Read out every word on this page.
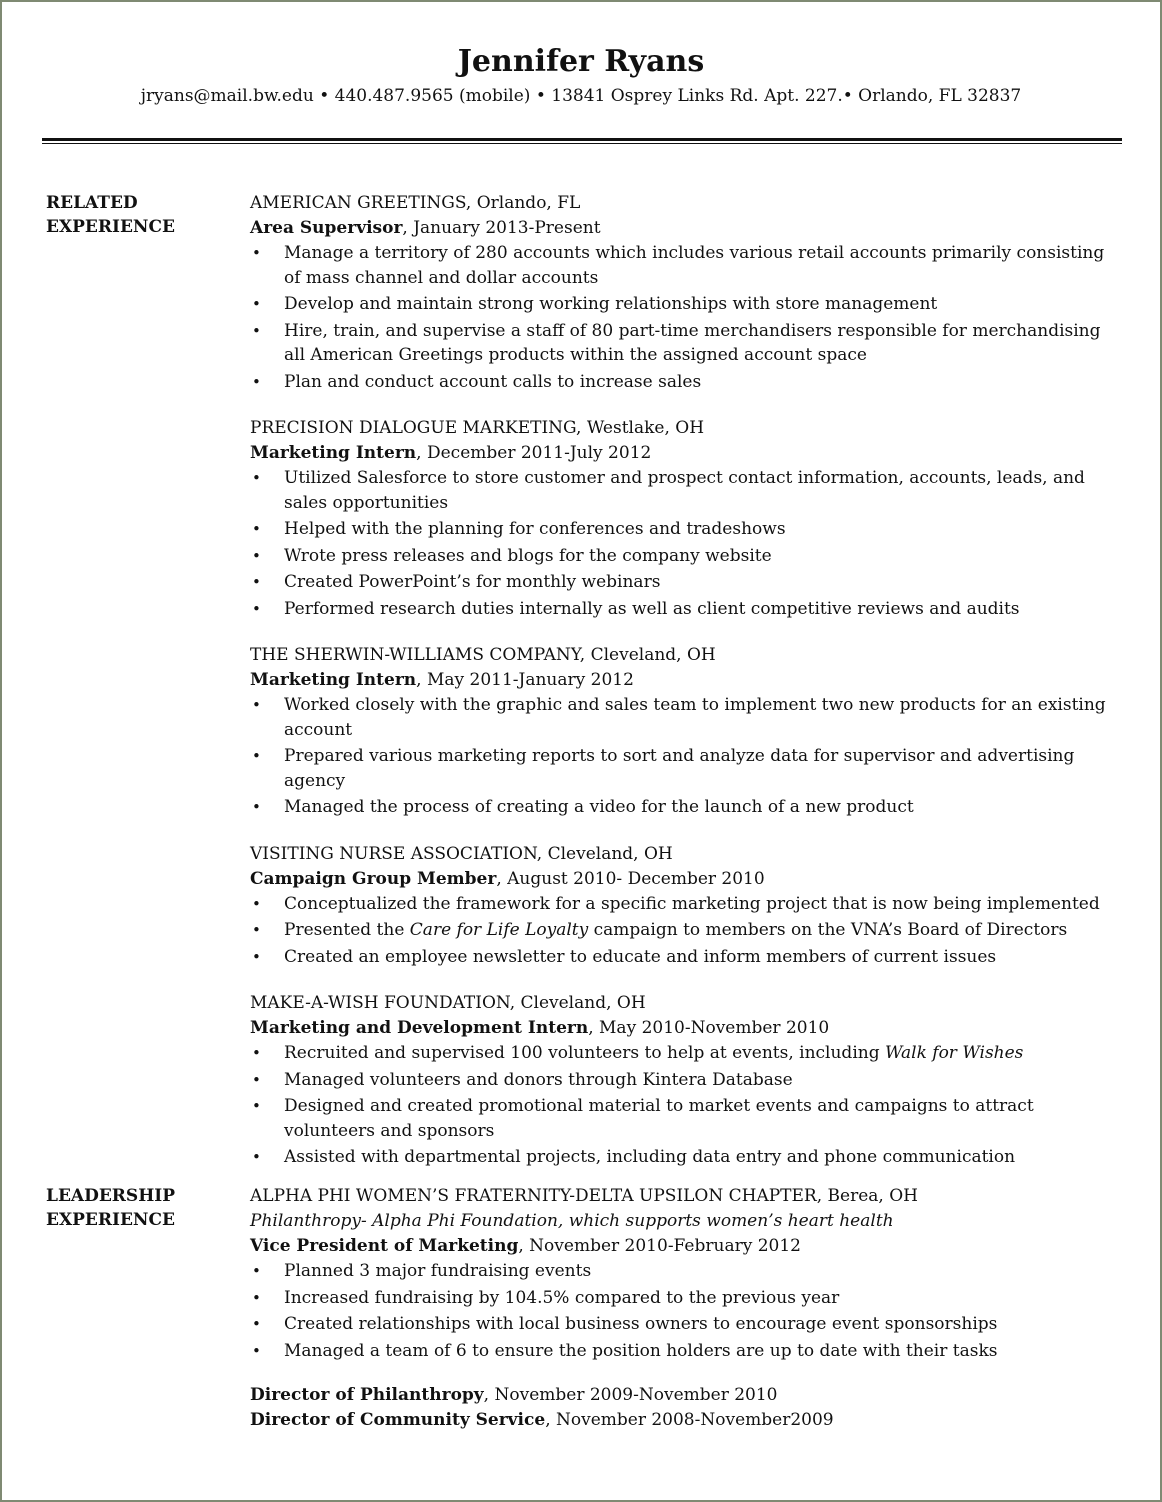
Jennifer Ryans
jryans@mail.bw.edu • 440.487.9565 (mobile) • 13841 Osprey Links Rd. Apt. 227.• Orlando, FL 32837
RELATED
EXPERIENCE
AMERICAN GREETINGS, Orlando, FL
Area Supervisor, January 2013-Present
• Manage a territory of 280 accounts which includes various retail accounts primarily consisting of mass channel and dollar accounts
• Develop and maintain strong working relationships with store management
• Hire, train, and supervise a staff of 80 part-time merchandisers responsible for merchandising all American Greetings products within the assigned account space
• Plan and conduct account calls to increase sales
PRECISION DIALOGUE MARKETING, Westlake, OH
Marketing Intern, December 2011-July 2012
• Utilized Salesforce to store customer and prospect contact information, accounts, leads, and sales opportunities
• Helped with the planning for conferences and tradeshows
• Wrote press releases and blogs for the company website
• Created PowerPoint’s for monthly webinars
• Performed research duties internally as well as client competitive reviews and audits
THE SHERWIN-WILLIAMS COMPANY, Cleveland, OH
Marketing Intern, May 2011-January 2012
• Worked closely with the graphic and sales team to implement two new products for an existing account
• Prepared various marketing reports to sort and analyze data for supervisor and advertising agency
• Managed the process of creating a video for the launch of a new product
VISITING NURSE ASSOCIATION, Cleveland, OH
Campaign Group Member, August 2010- December 2010
• Conceptualized the framework for a specific marketing project that is now being implemented
• Presented the Care for Life Loyalty campaign to members on the VNA’s Board of Directors
• Created an employee newsletter to educate and inform members of current issues
MAKE-A-WISH FOUNDATION, Cleveland, OH
Marketing and Development Intern, May 2010-November 2010
• Recruited and supervised 100 volunteers to help at events, including Walk for Wishes
• Managed volunteers and donors through Kintera Database
• Designed and created promotional material to market events and campaigns to attract volunteers and sponsors
• Assisted with departmental projects, including data entry and phone communication
LEADERSHIP
EXPERIENCE
ALPHA PHI WOMEN’S FRATERNITY-DELTA UPSILON CHAPTER, Berea, OH
Philanthropy- Alpha Phi Foundation, which supports women’s heart health
Vice President of Marketing, November 2010-February 2012
• Planned 3 major fundraising events
• Increased fundraising by 104.5% compared to the previous year
• Created relationships with local business owners to encourage event sponsorships
• Managed a team of 6 to ensure the position holders are up to date with their tasks
Director of Philanthropy, November 2009-November 2010
Director of Community Service, November 2008-November2009
